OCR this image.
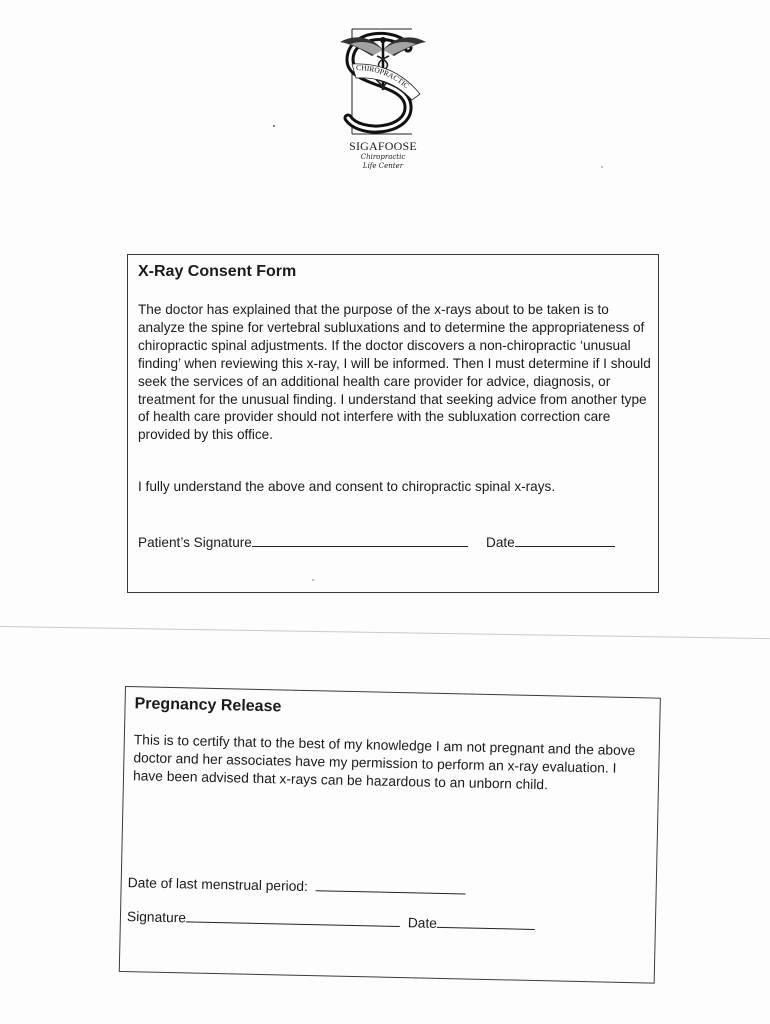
CHIROPRACTIC
SIGAFOOSE
Chiropractic
Life Center
X-Ray Consent Form

The doctor has explained that the purpose of the x-rays about to be taken is to analyze the spine for vertebral subluxations and to determine the appropriateness of chiropractic spinal adjustments. If the doctor discovers a non-chiropractic ‘unusual finding’ when reviewing this x-ray, I will be informed. Then I must determine if I should seek the services of an additional health care provider for advice, diagnosis, or treatment for the unusual finding. I understand that seeking advice from another type of health care provider should not interfere with the subluxation correction care provided by this office.

I fully understand the above and consent to chiropractic spinal x-rays.

Patient’s Signature	Date
Pregnancy Release

This is to certify that to the best of my knowledge I am not pregnant and the above doctor and her associates have my permission to perform an x-ray evaluation. I have been advised that x-rays can be hazardous to an unborn child.

Date of last menstrual period:
Signature	Date
